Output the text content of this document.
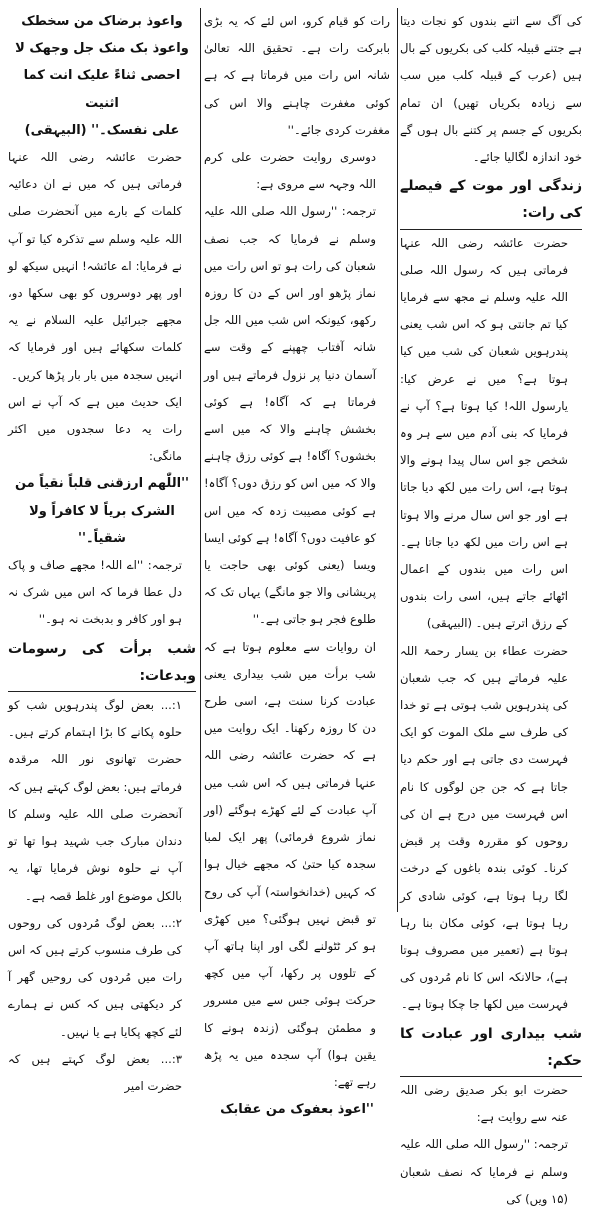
کی آگ سے اتنے بندوں کو نجات دیتا ہے جتنے قبیلہ کلب کی بکریوں کے بال ہیں (عرب کے قبیلہ کلب میں سب سے زیادہ بکریاں تھیں) ان تمام بکریوں کے جسم پر کتنے بال ہوں گے خود اندازہ لگالیا جائے۔
زندگی اور موت کے فیصلے کی رات:
حضرت عائشہ رضی اللہ عنہا فرماتی ہیں کہ رسول اللہ صلی اللہ علیہ وسلم نے مجھ سے فرمایا کیا تم جانتی ہو کہ اس شب یعنی پندرہویں شعبان کی شب میں کیا ہوتا ہے؟ میں نے عرض کیا: یارسول اللہ! کیا ہوتا ہے؟ آپ نے فرمایا کہ بنی آدم میں سے ہر وہ شخص جو اس سال پیدا ہونے والا ہوتا ہے، اس رات میں لکھ دیا جاتا ہے اور جو اس سال مرنے والا ہوتا ہے اس رات میں لکھ دیا جاتا ہے۔ اس رات میں بندوں کے اعمال اٹھائے جاتے ہیں، اسی رات بندوں کے رزق اترتے ہیں۔ (البیہقی)
حضرت عطاء بن یسار رحمۃ اللہ علیہ فرماتے ہیں کہ جب شعبان کی پندرہویں شب ہوتی ہے تو خدا کی طرف سے ملک الموت کو ایک فہرست دی جاتی ہے اور حکم دیا جاتا ہے کہ جن جن لوگوں کا نام اس فہرست میں درج ہے ان کی روحوں کو مقررہ وقت پر قبض کرنا۔ کوئی بندہ باغوں کے درخت لگا رہا ہوتا ہے، کوئی شادی کر رہا ہوتا ہے، کوئی مکان بنا رہا ہوتا ہے (تعمیر میں مصروف ہوتا ہے)، حالانکہ اس کا نام مُردوں کی فہرست میں لکھا جا چکا ہوتا ہے۔
شب بیداری اور عبادت کا حکم:
حضرت ابو بکر صدیق رضی اللہ عنہ سے روایت ہے:
ترجمہ: ''رسول اللہ صلی اللہ علیہ وسلم نے فرمایا کہ نصف شعبان (۱۵ ویں) کی
رات کو قیام کرو، اس لئے کہ یہ بڑی بابرکت رات ہے۔ تحقیق اللہ تعالیٰ شانہ اس رات میں فرماتا ہے کہ ہے کوئی مغفرت چاہنے والا اس کی مغفرت کردی جائے۔''
دوسری روایت حضرت علی کرم اللہ وجہہ سے مروی ہے:
ترجمہ: ''رسول اللہ صلی اللہ علیہ وسلم نے فرمایا کہ جب نصف شعبان کی رات ہو تو اس رات میں نماز پڑھو اور اس کے دن کا روزہ رکھو، کیونکہ اس شب میں اللہ جل شانہ آفتاب چھپنے کے وقت سے آسمان دنیا پر نزول فرماتے ہیں اور فرماتا ہے کہ آگاہ! ہے کوئی بخشش چاہنے والا کہ میں اسے بخشوں؟ آگاہ! ہے کوئی رزق چاہنے والا کہ میں اس کو رزق دوں؟ آگاہ! ہے کوئی مصیبت زدہ کہ میں اس کو عافیت دوں؟ آگاہ! ہے کوئی ایسا ویسا (یعنی کوئی بھی حاجت یا پریشانی والا جو مانگے) یہاں تک کہ طلوع فجر ہو جاتی ہے۔''
ان روایات سے معلوم ہوتا ہے کہ شب برأت میں شب بیداری یعنی عبادت کرنا سنت ہے، اسی طرح دن کا روزہ رکھنا۔ ایک روایت میں ہے کہ حضرت عائشہ رضی اللہ عنہا فرماتی ہیں کہ اس شب میں آپ عبادت کے لئے کھڑے ہوگئے (اور نماز شروع فرمائی) پھر ایک لمبا سجدہ کیا حتیٰ کہ مجھے خیال ہوا کہ کہیں (خدانخواستہ) آپ کی روح تو قبض نہیں ہوگئی؟ میں کھڑی ہو کر ٹٹولنے لگی اور اپنا ہاتھ آپ کے تلووں پر رکھا، آپ میں کچھ حرکت ہوئی جس سے میں مسرور و مطمئن ہوگئی (زندہ ہونے کا یقین ہوا) آپ سجدہ میں یہ پڑھ رہے تھے:
''اعوذ بعفوک من عقابک
واعوذ برضاک من سخطک
واعوذ بک منک جل وجھک لا
احصی ثناءً علیک انت کما اثنیت
علی نفسک۔'' (البیہقی)
حضرت عائشہ رضی اللہ عنہا فرماتی ہیں کہ میں نے ان دعائیہ کلمات کے بارے میں آنحضرت صلی اللہ علیہ وسلم سے تذکرہ کیا تو آپ نے فرمایا: اے عائشہ! انہیں سیکھ لو اور پھر دوسروں کو بھی سکھا دو، مجھے جبرائیل علیہ السلام نے یہ کلمات سکھائے ہیں اور فرمایا کہ انہیں سجدہ میں بار بار پڑھا کریں۔
ایک حدیث میں ہے کہ آپ نے اس رات یہ دعا سجدوں میں اکثر مانگی:
''اللّٰھم ارزقنی قلباً نقیاً من
الشرک بریاً لا کافراً ولا شقیاً۔''
ترجمہ: ''اے اللہ! مجھے صاف و پاک دل عطا فرما کہ اس میں شرک نہ ہو اور کافر و بدبخت نہ ہو۔''
شب برأت کی رسومات وبدعات:
۱:... بعض لوگ پندرہویں شب کو حلوہ پکانے کا بڑا اہتمام کرتے ہیں۔ حضرت تھانوی نور اللہ مرقدہ فرماتے ہیں: بعض لوگ کہتے ہیں کہ آنحضرت صلی اللہ علیہ وسلم کا دندان مبارک جب شہید ہوا تھا تو آپ نے حلوہ نوش فرمایا تھا، یہ بالکل موضوع اور غلط قصہ ہے۔
۲:... بعض لوگ مُردوں کی روحوں کی طرف منسوب کرتے ہیں کہ اس رات میں مُردوں کی روحیں گھر آ کر دیکھتی ہیں کہ کس نے ہمارے لئے کچھ پکایا ہے یا نہیں۔
۳:... بعض لوگ کہتے ہیں کہ حضرت امیر
